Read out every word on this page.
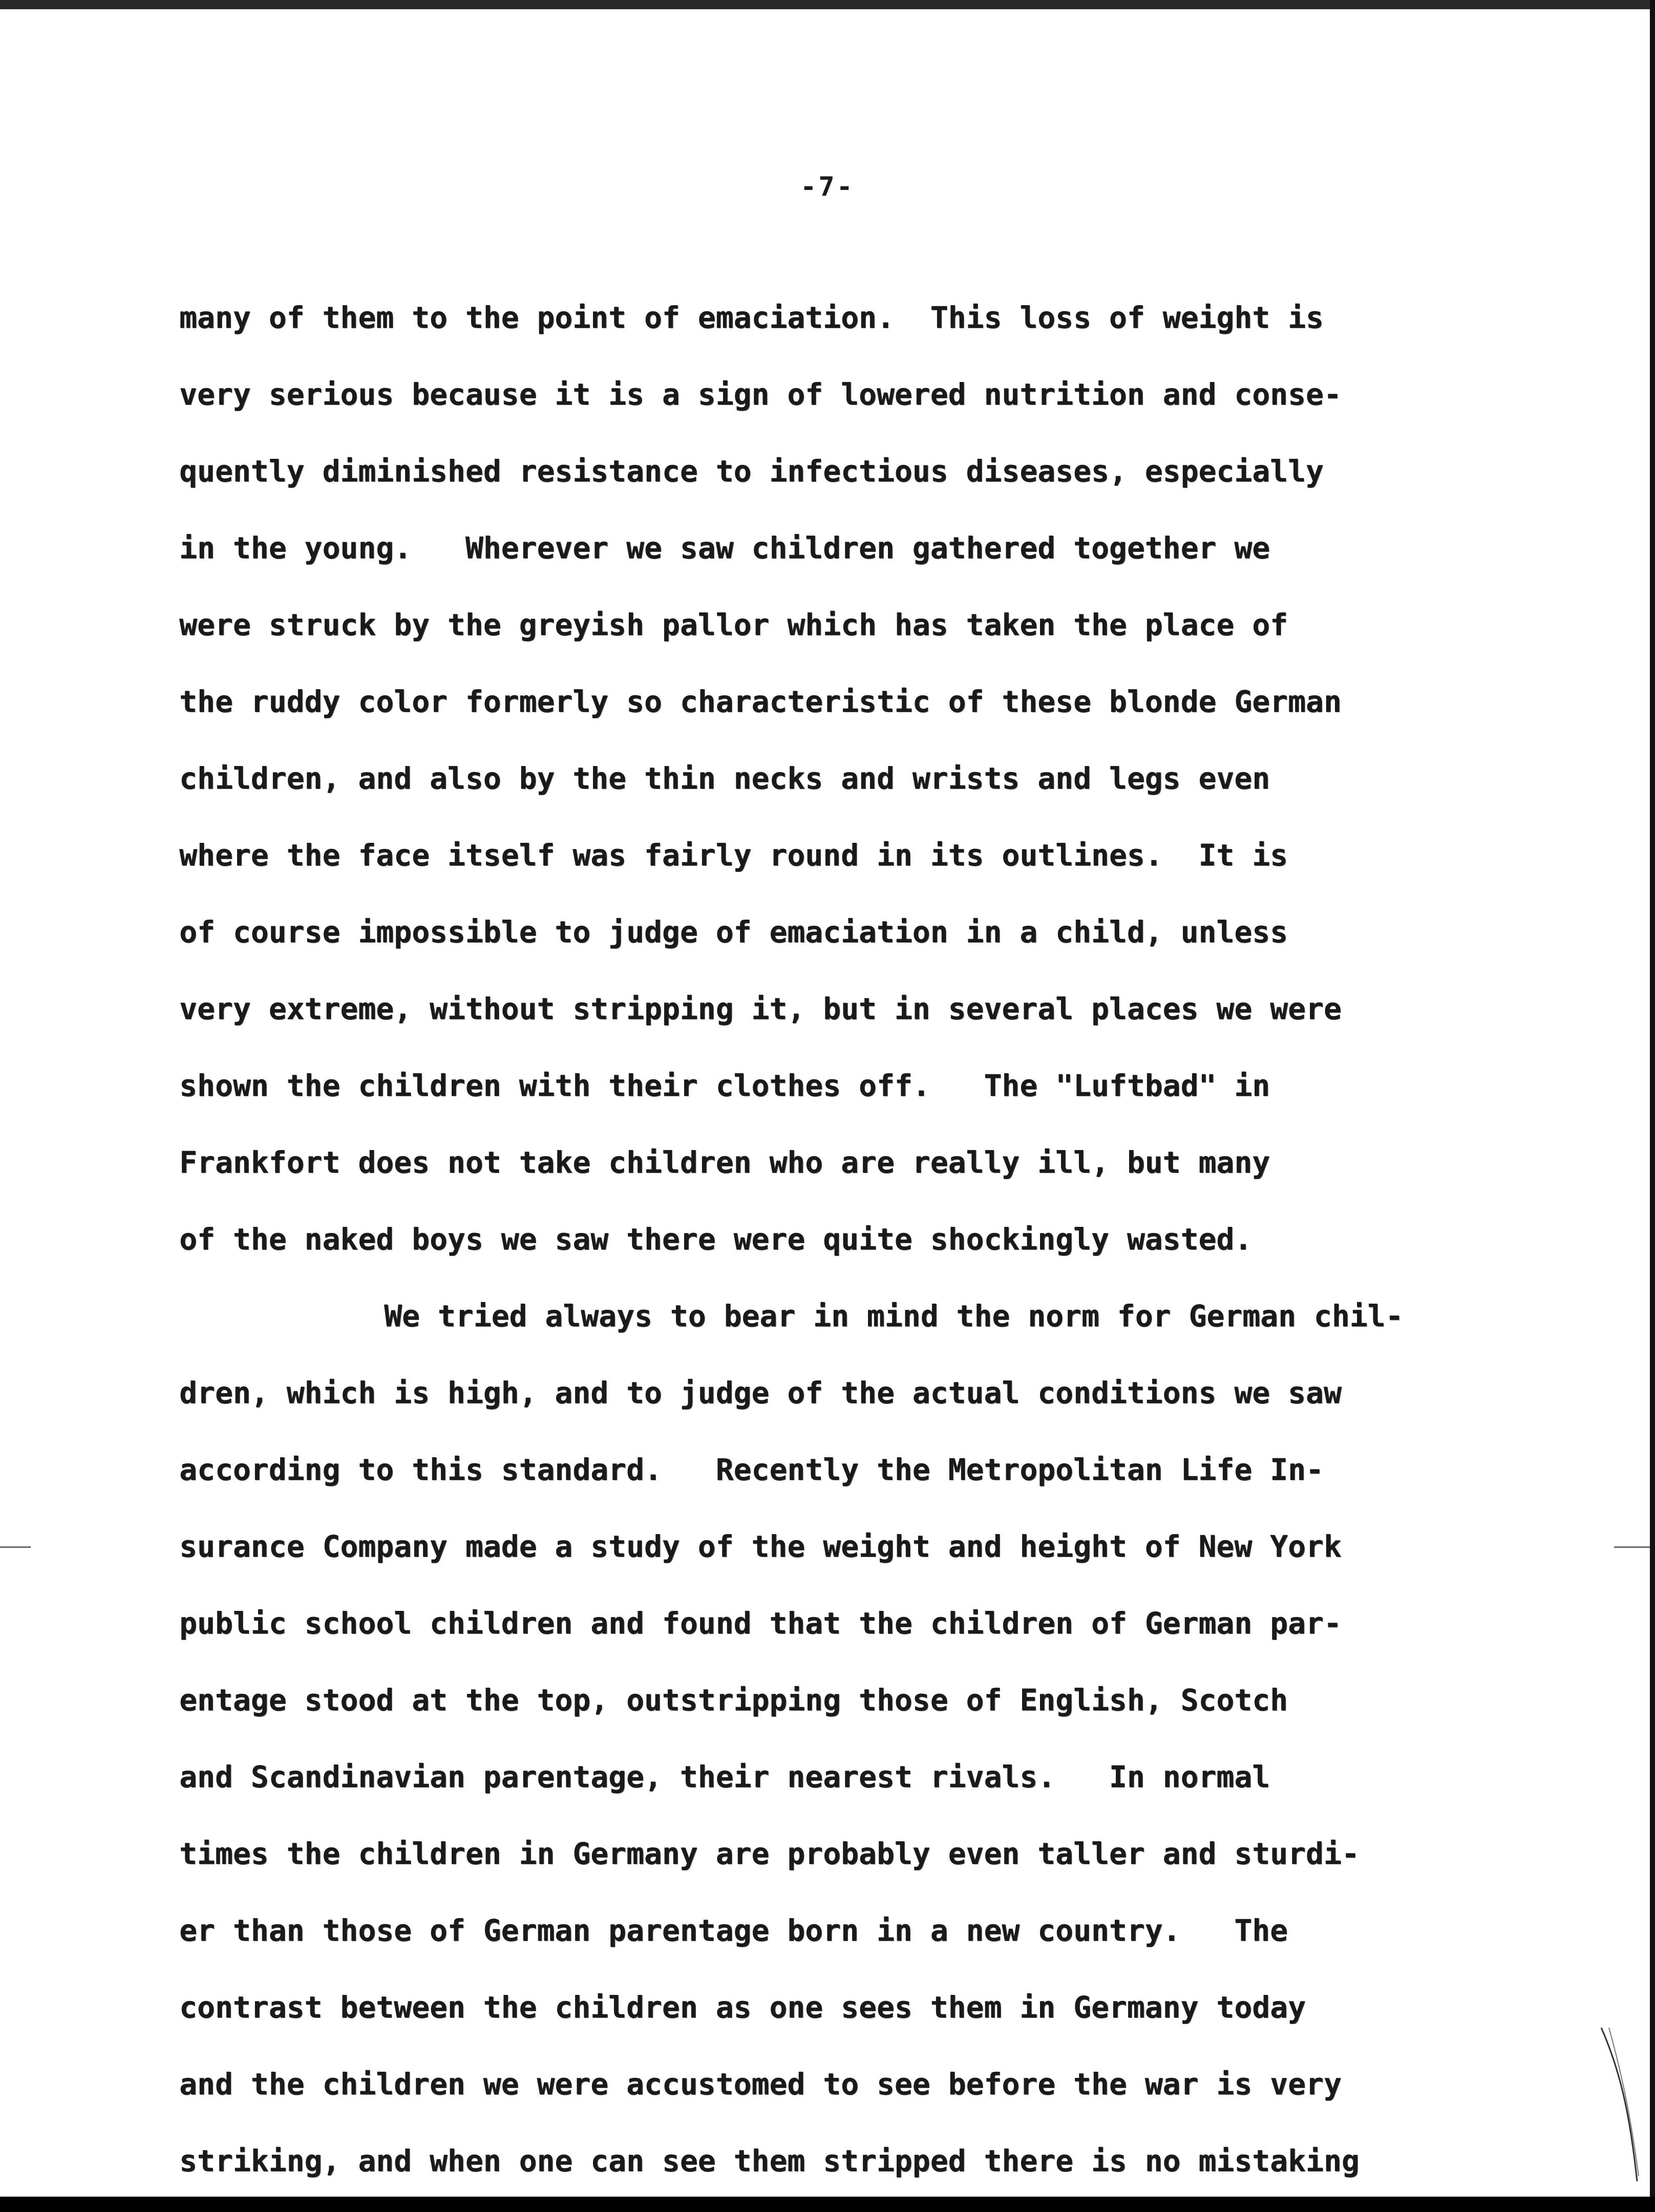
-7-
many of them to the point of emaciation.  This loss of weight is
very serious because it is a sign of lowered nutrition and conse-
quently diminished resistance to infectious diseases, especially
in the young.   Wherever we saw children gathered together we
were struck by the greyish pallor which has taken the place of
the ruddy color formerly so characteristic of these blonde German
children, and also by the thin necks and wrists and legs even
where the face itself was fairly round in its outlines.  It is
of course impossible to judge of emaciation in a child, unless
very extreme, without stripping it, but in several places we were
shown the children with their clothes off.   The "Luftbad" in
Frankfort does not take children who are really ill, but many
of the naked boys we saw there were quite shockingly wasted.
We tried always to bear in mind the norm for German chil-
dren, which is high, and to judge of the actual conditions we saw
according to this standard.   Recently the Metropolitan Life In-
surance Company made a study of the weight and height of New York
public school children and found that the children of German par-
entage stood at the top, outstripping those of English, Scotch
and Scandinavian parentage, their nearest rivals.   In normal
times the children in Germany are probably even taller and sturdi-
er than those of German parentage born in a new country.   The
contrast between the children as one sees them in Germany today
and the children we were accustomed to see before the war is very
striking, and when one can see them stripped there is no mistaking
